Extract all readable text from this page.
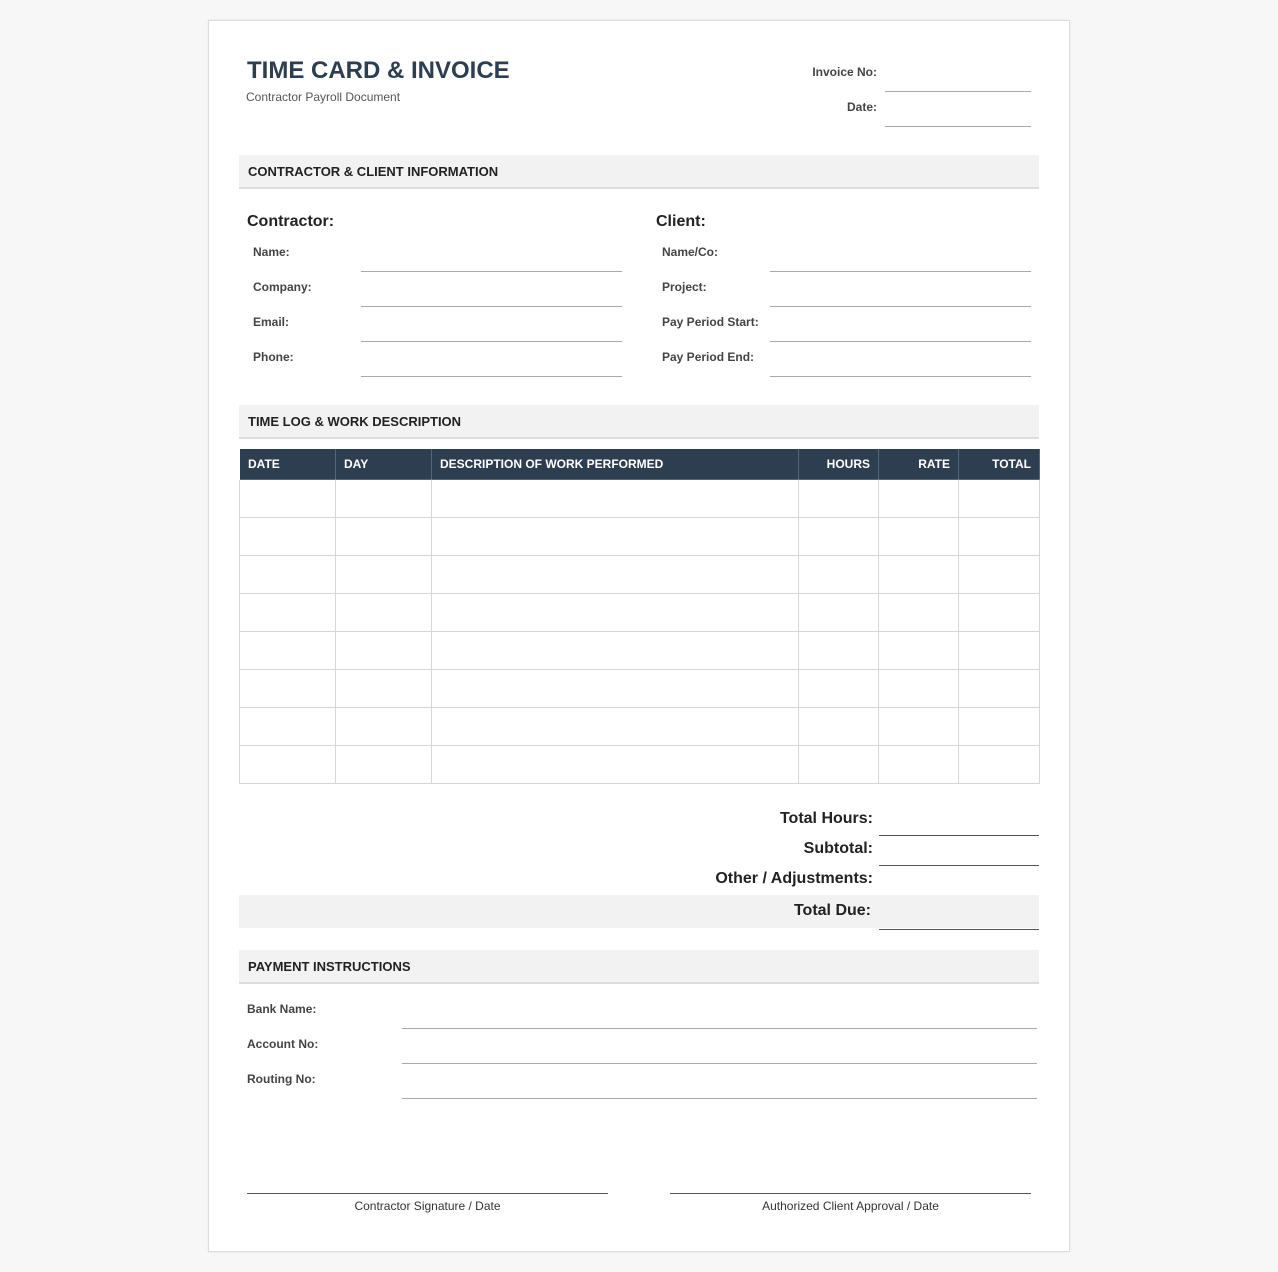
TIME CARD & INVOICE
Contractor Payroll Document
Invoice No:
Date:
CONTRACTOR & CLIENT INFORMATION
Contractor:
Name:
Company:
Email:
Phone:
Client:
Name/Co:
Project:
Pay Period Start:
Pay Period End:
TIME LOG & WORK DESCRIPTION
DATE	DAY	DESCRIPTION OF WORK PERFORMED	HOURS	RATE	TOTAL

Total Hours:
Subtotal:
Other / Adjustments:
Total Due:
PAYMENT INSTRUCTIONS
Bank Name:
Account No:
Routing No:
Contractor Signature / Date	Authorized Client Approval / Date
